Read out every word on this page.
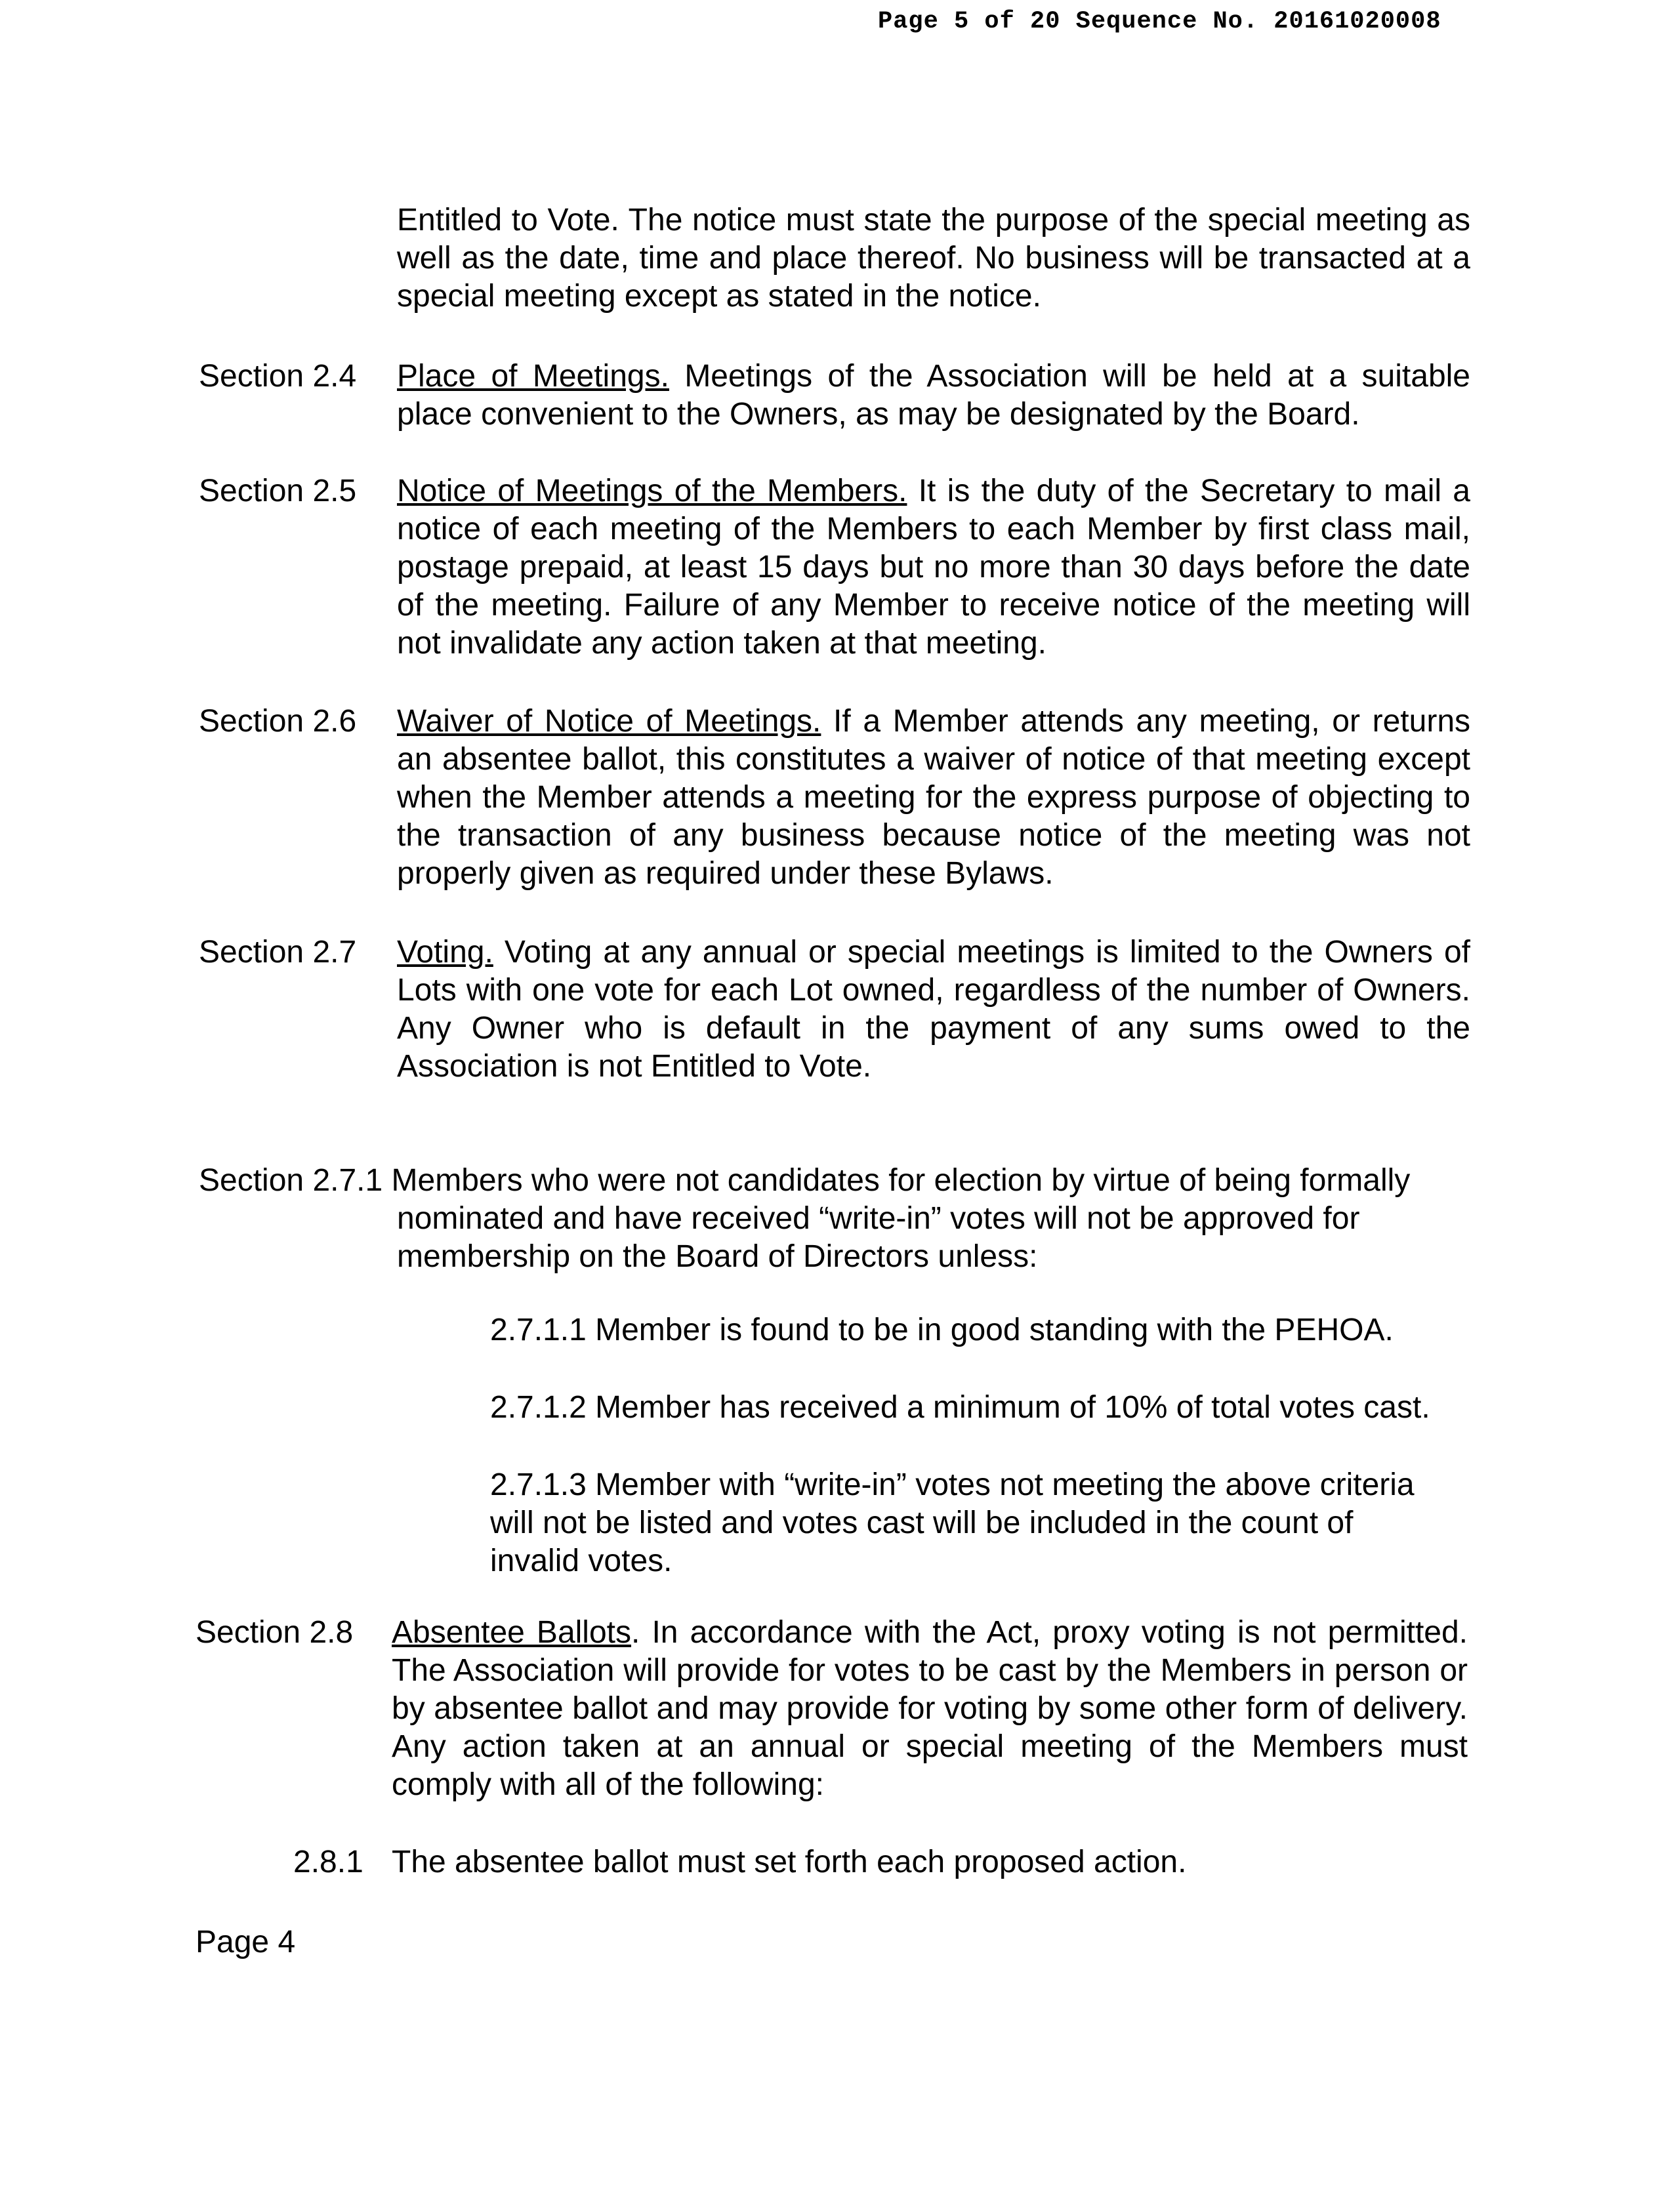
Page 5 of 20 Sequence No. 20161020008
Entitled to Vote. The notice must state the purpose of the special meeting as well as the date, time and place thereof. No business will be transacted at a special meeting except as stated in the notice.
Section 2.4 Place of Meetings. Meetings of the Association will be held at a suitable place convenient to the Owners, as may be designated by the Board.
Section 2.5 Notice of Meetings of the Members. It is the duty of the Secretary to mail a notice of each meeting of the Members to each Member by first class mail, postage prepaid, at least 15 days but no more than 30 days before the date of the meeting. Failure of any Member to receive notice of the meeting will not invalidate any action taken at that meeting.
Section 2.6 Waiver of Notice of Meetings. If a Member attends any meeting, or returns an absentee ballot, this constitutes a waiver of notice of that meeting except when the Member attends a meeting for the express purpose of objecting to the transaction of any business because notice of the meeting was not properly given as required under these Bylaws.
Section 2.7 Voting. Voting at any annual or special meetings is limited to the Owners of Lots with one vote for each Lot owned, regardless of the number of Owners. Any Owner who is default in the payment of any sums owed to the Association is not Entitled to Vote.
Section 2.7.1 Members who were not candidates for election by virtue of being formally
nominated and have received “write-in” votes will not be approved for membership on the Board of Directors unless:
2.7.1.1 Member is found to be in good standing with the PEHOA.
2.7.1.2 Member has received a minimum of 10% of total votes cast.
2.7.1.3 Member with “write-in” votes not meeting the above criteria will not be listed and votes cast will be included in the count of invalid votes.
Section 2.8 Absentee Ballots. In accordance with the Act, proxy voting is not permitted. The Association will provide for votes to be cast by the Members in person or by absentee ballot and may provide for voting by some other form of delivery. Any action taken at an annual or special meeting of the Members must comply with all of the following:
2.8.1 The absentee ballot must set forth each proposed action.
Page 4
